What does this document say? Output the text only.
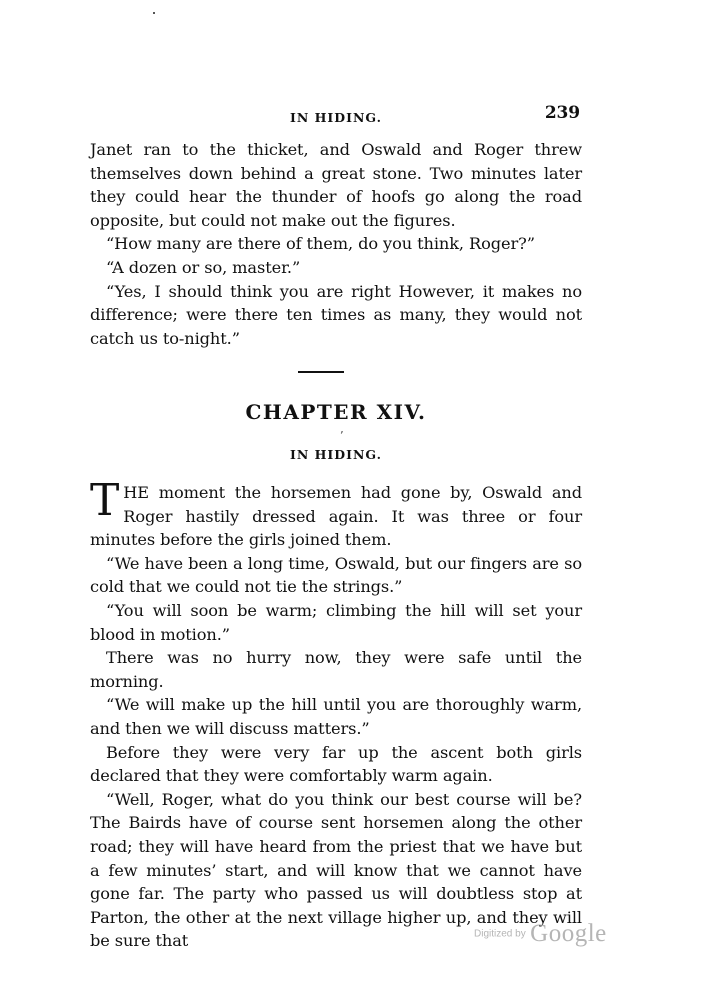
IN HIDING.	239

Janet ran to the thicket, and Oswald and Roger threw themselves down behind a great stone. Two minutes later they could hear the thunder of hoofs go along the road opposite, but could not make out the figures.

“How many are there of them, do you think, Roger?”

“A dozen or so, master.”

“Yes, I should think you are right However, it makes no difference; were there ten times as many, they would not catch us to-night.”

CHAPTER XIV.
’
IN HIDING.

THE moment the horsemen had gone by, Oswald and Roger hastily dressed again. It was three or four minutes before the girls joined them.

“We have been a long time, Oswald, but our fingers are so cold that we could not tie the strings.”

“You will soon be warm; climbing the hill will set your blood in motion.”

There was no hurry now, they were safe until the morning.

“We will make up the hill until you are thoroughly warm, and then we will discuss matters.”

Before they were very far up the ascent both girls declared that they were comfortably warm again.

“Well, Roger, what do you think our best course will be? The Bairds have of course sent horsemen along the other road; they will have heard from the priest that we have but a few minutes’ start, and will know that we cannot have gone far. The party who passed us will doubtless stop at Parton, the other at the next village higher up, and they will be sure that	Digitized by Google
